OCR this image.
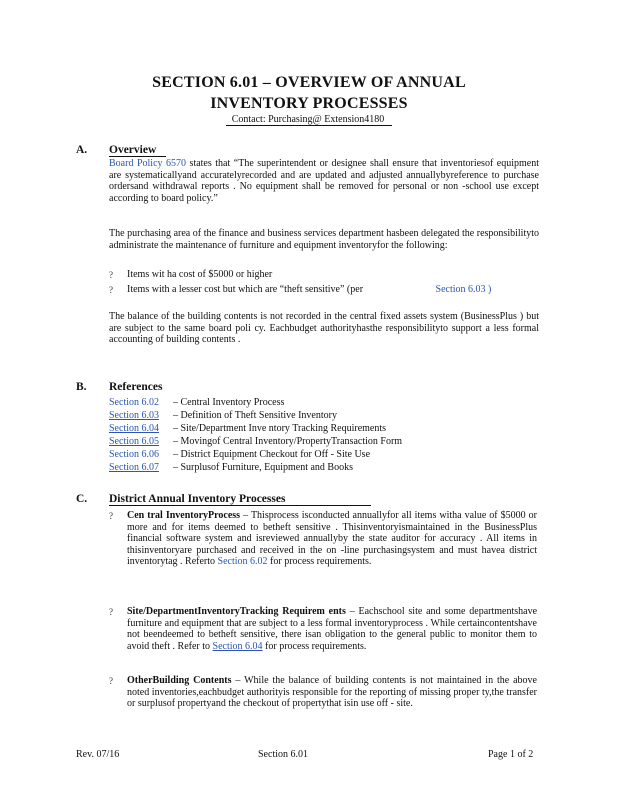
SECTION 6.01 – OVERVIEW OF ANNUAL
INVENTORY PROCESSES
Contact: Purchasing@ Extension4180
A. Overview

Board Policy 6570 states that “The superintendent or designee shall ensure that inventoriesof equipment are systematicallyand accuratelyrecorded and are updated and adjusted annuallybyreference to purchase ordersand withdrawal reports . No equipment shall be removed for personal or non -school use except according to board policy.”

The purchasing area of the finance and business services department hasbeen delegated the responsibilityto administrate the maintenance of furniture and equipment inventoryfor the following:

? Items wit ha cost of $5000 or higher
? Items with a lesser cost but which are “theft sensitive” (per	Section 6.03 )

The balance of the building contents is not recorded in the central fixed assets system (BusinessPlus ) but are subject to the same board poli cy. Eachbudget authorityhasthe responsibilityto support a less formal accounting of building contents .

B. References
Section 6.02 – Central Inventory Process
Section 6.03 – Definition of Theft Sensitive Inventory
Section 6.04 – Site/Department Inve ntory Tracking Requirements
Section 6.05 – Movingof Central Inventory/PropertyTransaction Form
Section 6.06 – District Equipment Checkout for Off - Site Use
Section 6.07 – Surplusof Furniture, Equipment and Books
C. District Annual Inventory Processes
? Cen tral InventoryProcess – Thisprocess isconducted annuallyfor all items witha value of $5000 or more and for items deemed to betheft sensitive . Thisinventoryismaintained in the BusinessPlus financial software system and isreviewed annuallyby the state auditor for accuracy . All items in thisinventoryare purchased and received in the on -line purchasingsystem and must havea district inventorytag . Referto Section 6.02 for process requirements.

? Site/DepartmentInventoryTracking Requirem ents – Eachschool site and some departmentshave furniture and equipment that are subject to a less formal inventoryprocess . While certaincontentshave not beendeemed to betheft sensitive, there isan obligation to the general public to monitor them to avoid theft . Refer to Section 6.04 for process requirements.

? OtherBuilding Contents – While the balance of building contents is not maintained in the above noted inventories,eachbudget authorityis responsible for the reporting of missing proper ty,the transfer or surplusof propertyand the checkout of propertythat isin use off - site.

Rev. 07/16	Section 6.01	Page 1 of 2
